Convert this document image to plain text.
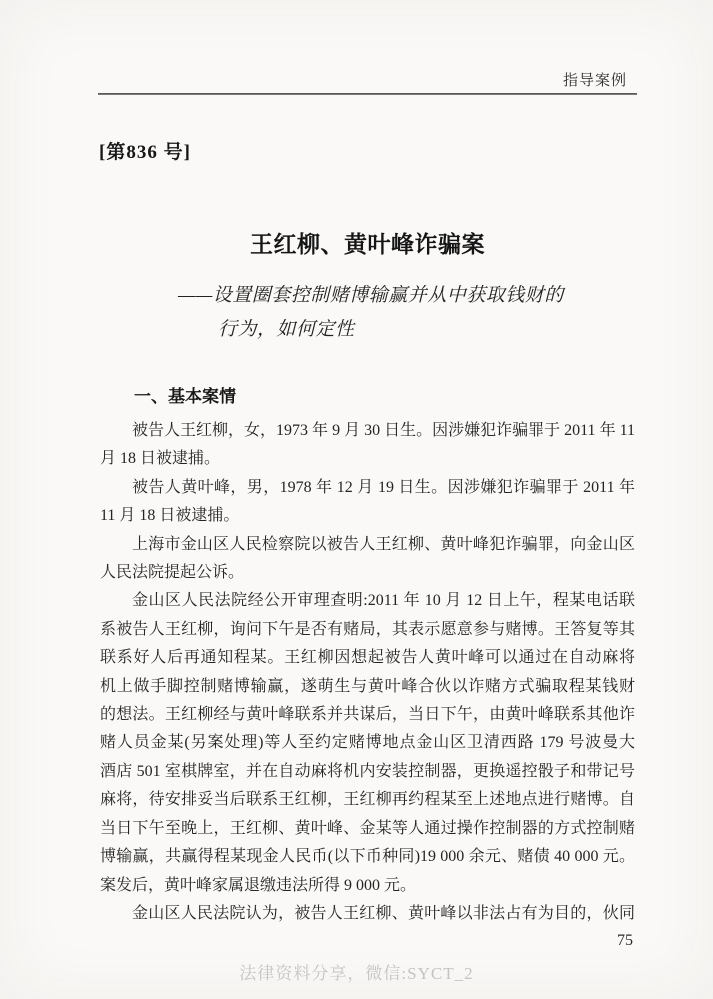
指导案例
[第836 号]
王红柳、黄叶峰诈骗案
——设置圈套控制赌博输赢并从中获取钱财的
行为，如何定性
一、基本案情

被告人王红柳，女，1973 年 9 月 30 日生。因涉嫌犯诈骗罪于 2011 年 11
月 18 日被逮捕。

被告人黄叶峰，男，1978 年 12 月 19 日生。因涉嫌犯诈骗罪于 2011 年
11 月 18 日被逮捕。

上海市金山区人民检察院以被告人王红柳、黄叶峰犯诈骗罪，向金山区
人民法院提起公诉。

金山区人民法院经公开审理查明:2011 年 10 月 12 日上午，程某电话联
系被告人王红柳，询问下午是否有赌局，其表示愿意参与赌博。王答复等其
联系好人后再通知程某。王红柳因想起被告人黄叶峰可以通过在自动麻将
机上做手脚控制赌博输赢，遂萌生与黄叶峰合伙以诈赌方式骗取程某钱财
的想法。王红柳经与黄叶峰联系并共谋后，当日下午，由黄叶峰联系其他诈
赌人员金某(另案处理)等人至约定赌博地点金山区卫清西路 179 号波曼大
酒店 501 室棋牌室，并在自动麻将机内安装控制器，更换遥控骰子和带记号
麻将，待安排妥当后联系王红柳，王红柳再约程某至上述地点进行赌博。自
当日下午至晚上，王红柳、黄叶峰、金某等人通过操作控制器的方式控制赌
博输赢，共赢得程某现金人民币(以下币种同)19 000 余元、赌债 40 000 元。
案发后，黄叶峰家属退缴违法所得 9 000 元。

金山区人民法院认为，被告人王红柳、黄叶峰以非法占有为目的，伙同

75
法律资料分享，微信:SYCT_2
